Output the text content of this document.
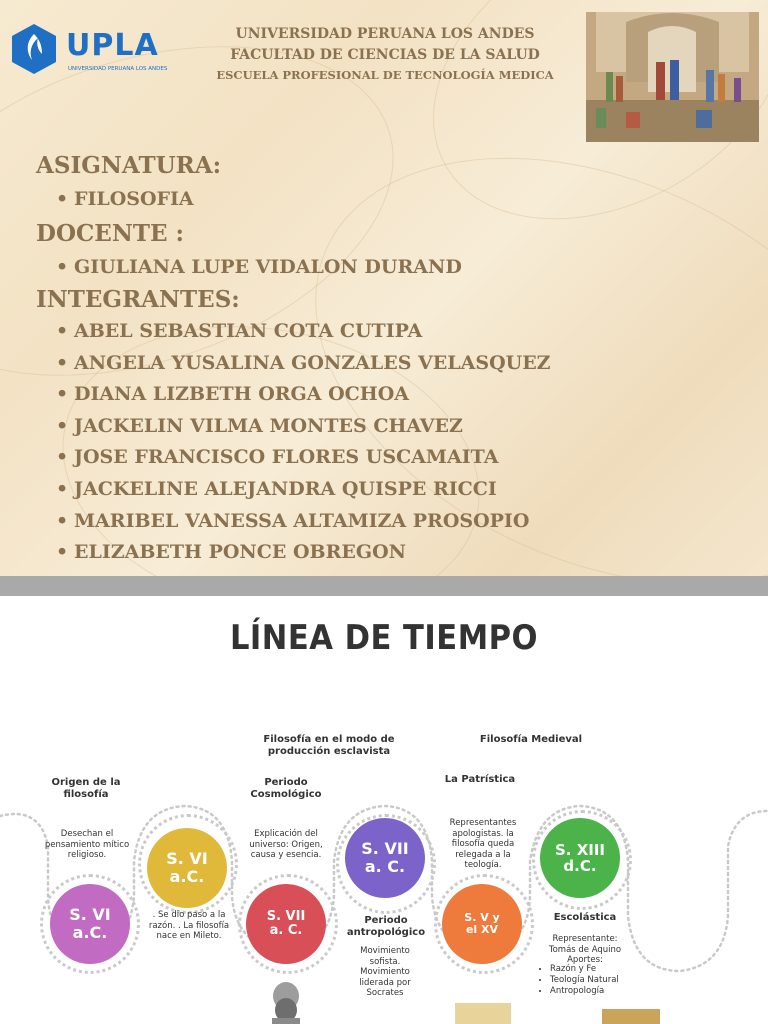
UPLA
UNIVERSIDAD PERUANA LOS ANDES
UNIVERSIDAD PERUANA LOS ANDES
FACULTAD DE CIENCIAS DE LA SALUD
ESCUELA PROFESIONAL DE TECNOLOGÍA MEDICA
ASIGNATURA:
• FILOSOFIA
DOCENTE :
• GIULIANA LUPE VIDALON DURAND
INTEGRANTES:
• ABEL SEBASTIAN COTA CUTIPA
• ANGELA YUSALINA GONZALES VELASQUEZ
• DIANA LIZBETH ORGA OCHOA
• JACKELIN VILMA MONTES CHAVEZ
• JOSE FRANCISCO FLORES USCAMAITA
• JACKELINE ALEJANDRA QUISPE RICCI
• MARIBEL VANESSA ALTAMIZA PROSOPIO
• ELIZABETH PONCE OBREGON
LÍNEA DE TIEMPO
Filosofía en el modo de producción esclavista
Filosofía Medieval
La Patrística
Origen de la filosofía
Desechan el pensamiento mítico religioso.
S. VI a.C.
S. VI a.C.
. Se dio paso a la razón. . La filosofía nace en Mileto.
Periodo Cosmológico
Explicación del universo: Origen, causa y esencia.
S. VII a. C.
S. VII a. C.
Periodo antropológico
Movimiento sofista. Movimiento liderada por Socrates
Representantes apologistas. la filosofía queda relegada a la teología.
S. V y el XV
S. XIII d.C.
Escolástica
Representante: Tomás de Aquino Aportes:
• Razón y Fe
• Teología Natural
• Antropología
